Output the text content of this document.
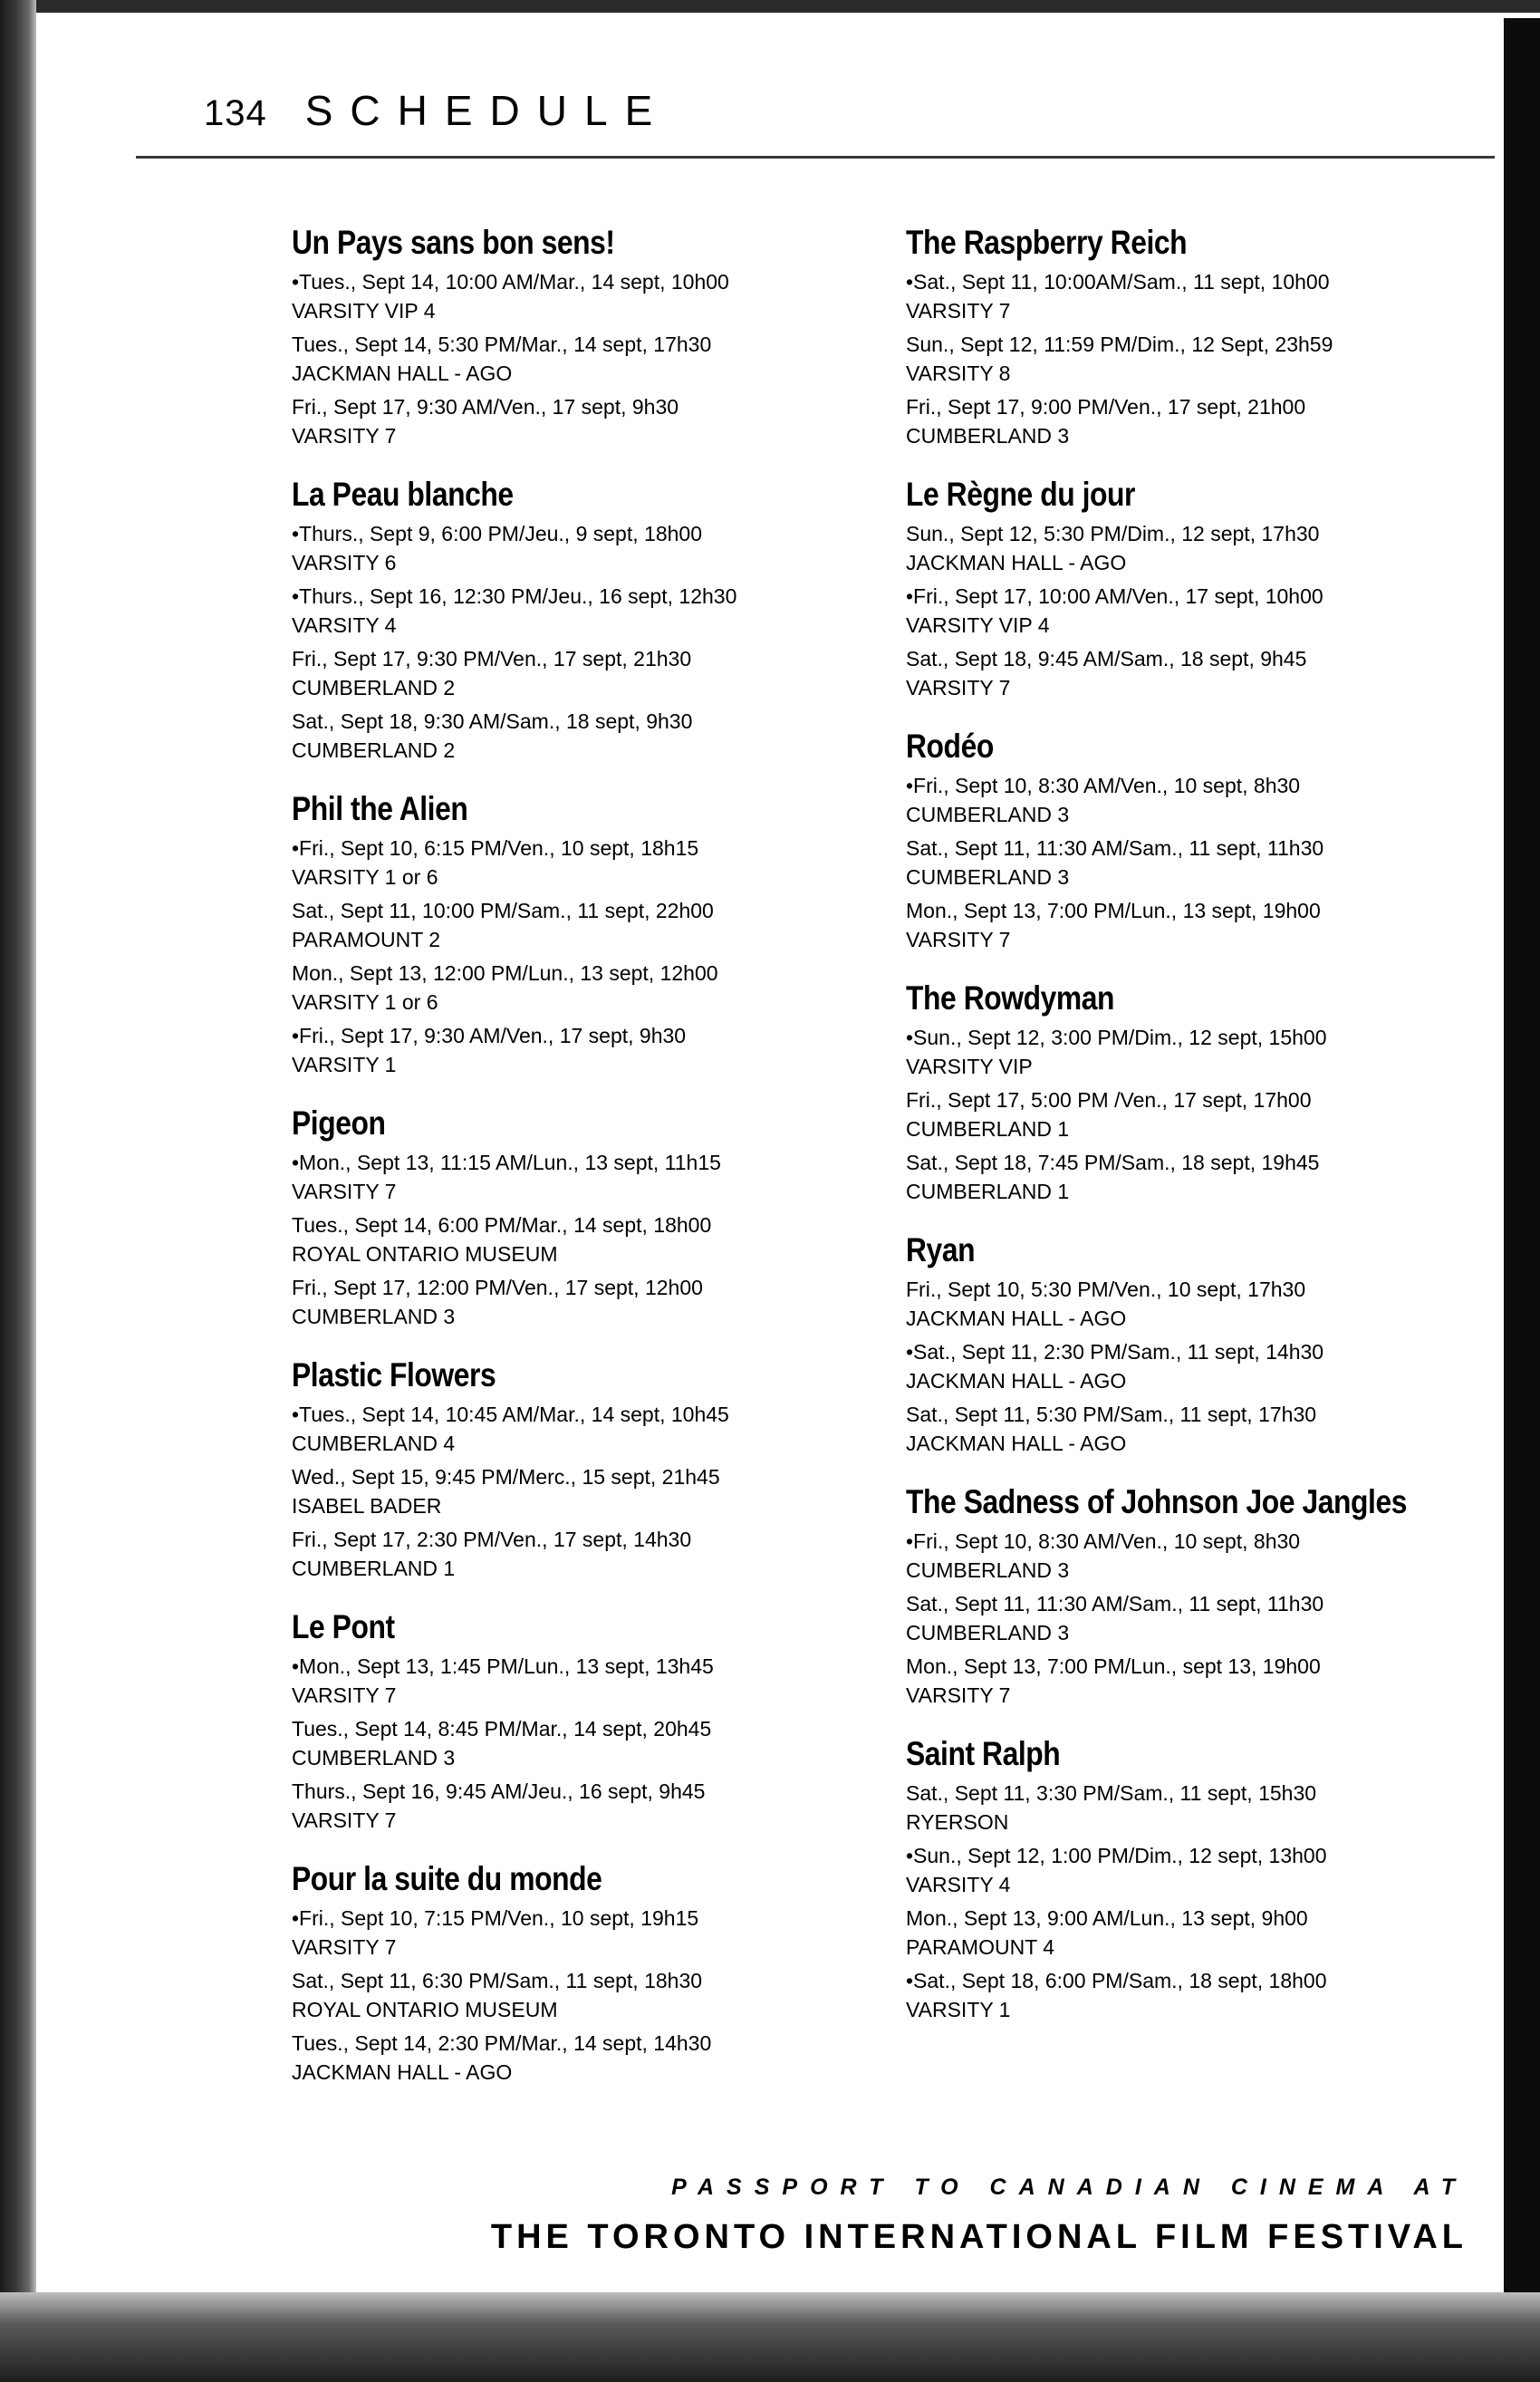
134 SCHEDULE
Un Pays sans bon sens!
•Tues., Sept 14, 10:00 AM/Mar., 14 sept, 10h00
VARSITY VIP 4
Tues., Sept 14, 5:30 PM/Mar., 14 sept, 17h30
JACKMAN HALL - AGO
Fri., Sept 17, 9:30 AM/Ven., 17 sept, 9h30
VARSITY 7
La Peau blanche
•Thurs., Sept 9, 6:00 PM/Jeu., 9 sept, 18h00
VARSITY 6
•Thurs., Sept 16, 12:30 PM/Jeu., 16 sept, 12h30
VARSITY 4
Fri., Sept 17, 9:30 PM/Ven., 17 sept, 21h30
CUMBERLAND 2
Sat., Sept 18, 9:30 AM/Sam., 18 sept, 9h30
CUMBERLAND 2
Phil the Alien
•Fri., Sept 10, 6:15 PM/Ven., 10 sept, 18h15
VARSITY 1 or 6
Sat., Sept 11, 10:00 PM/Sam., 11 sept, 22h00
PARAMOUNT 2
Mon., Sept 13, 12:00 PM/Lun., 13 sept, 12h00
VARSITY 1 or 6
•Fri., Sept 17, 9:30 AM/Ven., 17 sept, 9h30
VARSITY 1
Pigeon
•Mon., Sept 13, 11:15 AM/Lun., 13 sept, 11h15
VARSITY 7
Tues., Sept 14, 6:00 PM/Mar., 14 sept, 18h00
ROYAL ONTARIO MUSEUM
Fri., Sept 17, 12:00 PM/Ven., 17 sept, 12h00
CUMBERLAND 3
Plastic Flowers
•Tues., Sept 14, 10:45 AM/Mar., 14 sept, 10h45
CUMBERLAND 4
Wed., Sept 15, 9:45 PM/Merc., 15 sept, 21h45
ISABEL BADER
Fri., Sept 17, 2:30 PM/Ven., 17 sept, 14h30
CUMBERLAND 1
Le Pont
•Mon., Sept 13, 1:45 PM/Lun., 13 sept, 13h45
VARSITY 7
Tues., Sept 14, 8:45 PM/Mar., 14 sept, 20h45
CUMBERLAND 3
Thurs., Sept 16, 9:45 AM/Jeu., 16 sept, 9h45
VARSITY 7
Pour la suite du monde
•Fri., Sept 10, 7:15 PM/Ven., 10 sept, 19h15
VARSITY 7
Sat., Sept 11, 6:30 PM/Sam., 11 sept, 18h30
ROYAL ONTARIO MUSEUM
Tues., Sept 14, 2:30 PM/Mar., 14 sept, 14h30
JACKMAN HALL - AGO
The Raspberry Reich
•Sat., Sept 11, 10:00AM/Sam., 11 sept, 10h00
VARSITY 7
Sun., Sept 12, 11:59 PM/Dim., 12 Sept, 23h59
VARSITY 8
Fri., Sept 17, 9:00 PM/Ven., 17 sept, 21h00
CUMBERLAND 3
Le Règne du jour
Sun., Sept 12, 5:30 PM/Dim., 12 sept, 17h30
JACKMAN HALL - AGO
•Fri., Sept 17, 10:00 AM/Ven., 17 sept, 10h00
VARSITY VIP 4
Sat., Sept 18, 9:45 AM/Sam., 18 sept, 9h45
VARSITY 7
Rodéo
•Fri., Sept 10, 8:30 AM/Ven., 10 sept, 8h30
CUMBERLAND 3
Sat., Sept 11, 11:30 AM/Sam., 11 sept, 11h30
CUMBERLAND 3
Mon., Sept 13, 7:00 PM/Lun., 13 sept, 19h00
VARSITY 7
The Rowdyman
•Sun., Sept 12, 3:00 PM/Dim., 12 sept, 15h00
VARSITY VIP
Fri., Sept 17, 5:00 PM /Ven., 17 sept, 17h00
CUMBERLAND 1
Sat., Sept 18, 7:45 PM/Sam., 18 sept, 19h45
CUMBERLAND 1
Ryan
Fri., Sept 10, 5:30 PM/Ven., 10 sept, 17h30
JACKMAN HALL - AGO
•Sat., Sept 11, 2:30 PM/Sam., 11 sept, 14h30
JACKMAN HALL - AGO
Sat., Sept 11, 5:30 PM/Sam., 11 sept, 17h30
JACKMAN HALL - AGO
The Sadness of Johnson Joe Jangles
•Fri., Sept 10, 8:30 AM/Ven., 10 sept, 8h30
CUMBERLAND 3
Sat., Sept 11, 11:30 AM/Sam., 11 sept, 11h30
CUMBERLAND 3
Mon., Sept 13, 7:00 PM/Lun., sept 13, 19h00
VARSITY 7
Saint Ralph
Sat., Sept 11, 3:30 PM/Sam., 11 sept, 15h30
RYERSON
•Sun., Sept 12, 1:00 PM/Dim., 12 sept, 13h00
VARSITY 4
Mon., Sept 13, 9:00 AM/Lun., 13 sept, 9h00
PARAMOUNT 4
•Sat., Sept 18, 6:00 PM/Sam., 18 sept, 18h00
VARSITY 1
PASSPORT TO CANADIAN CINEMA AT
THE TORONTO INTERNATIONAL FILM FESTIVAL
